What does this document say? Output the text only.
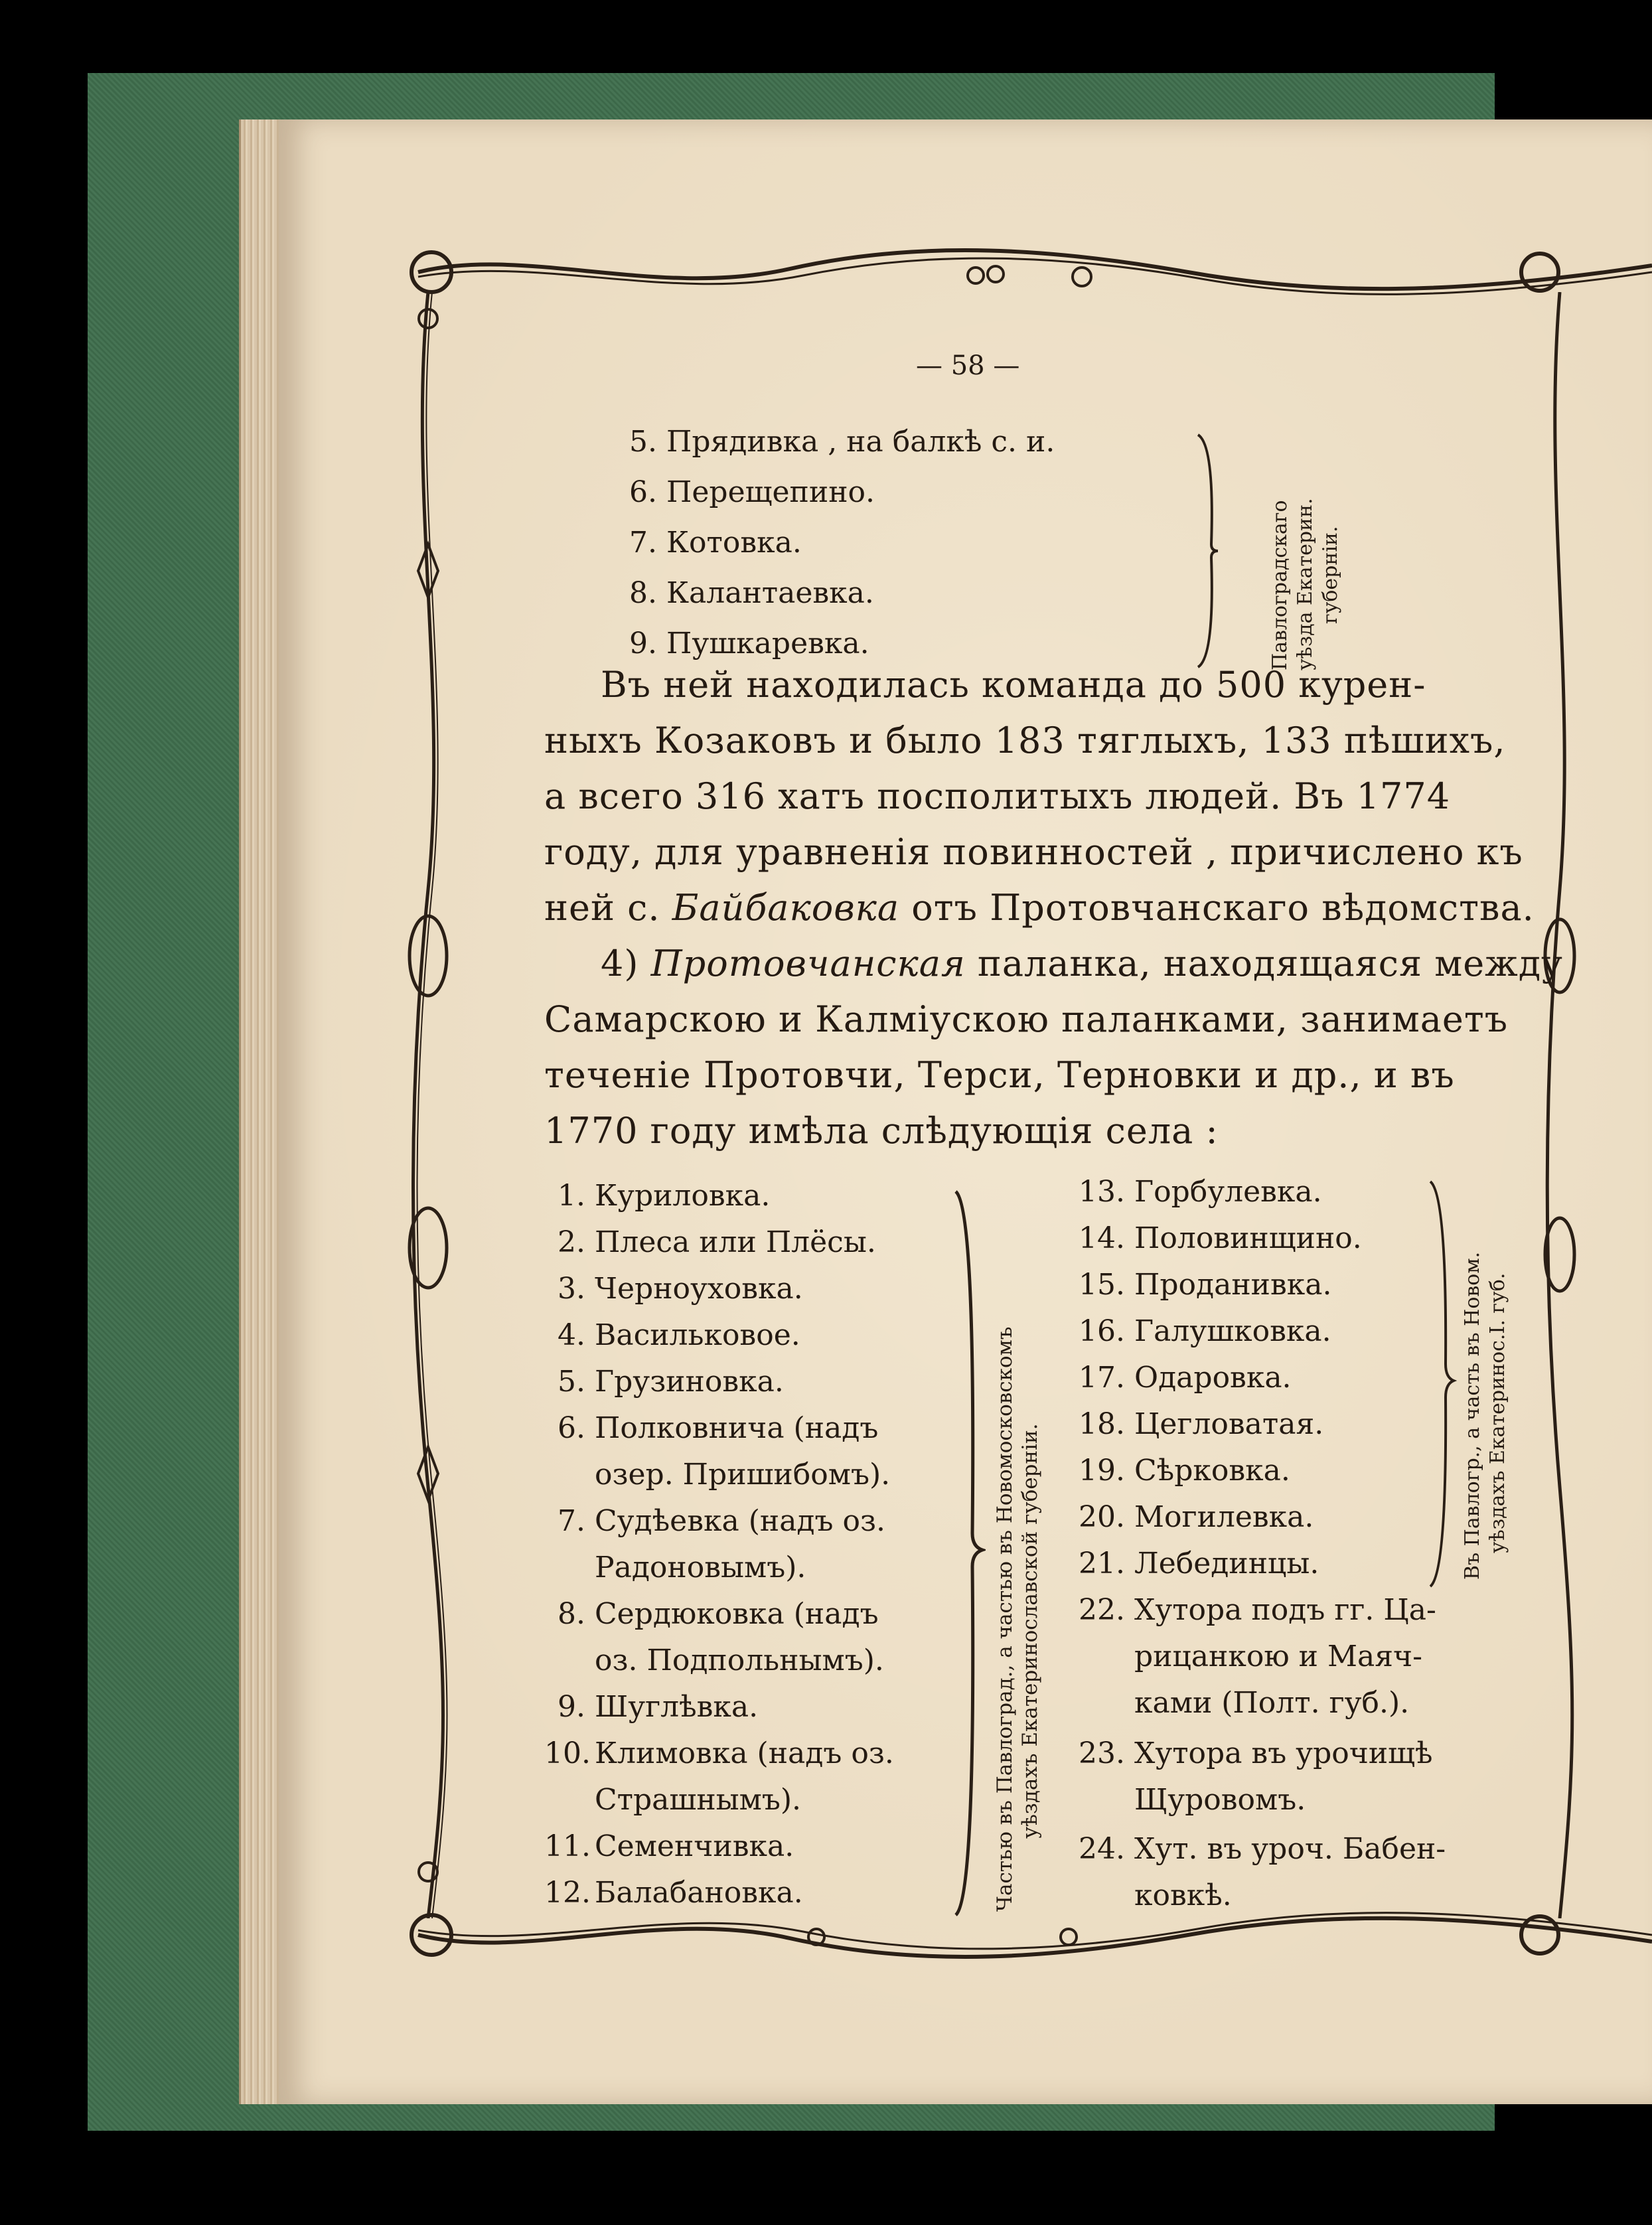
— 58 —
5. Прядивка , на балкѣ с. и.
6. Перещепино.
7. Котовка.
8. Калантаевка.
9. Пушкаревка.	Павлоградскаго уѣзда Екатерин. губерніи.
Въ ней находилась команда до 500 курен-
ныхъ Козаковъ и было 183 тяглыхъ, 133 пѣшихъ,
а всего 316 хатъ посполитыхъ людей. Въ 1774
году, для уравненія повинностей , причислено къ
ней с. Байбаковка отъ Протовчанскаго вѣдомства.
4) Протовчанская паланка, находящаяся между
Самарскою и Калміускою паланками, занимаетъ
теченіе Протовчи, Терси, Терновки и др., и въ
1770 году имѣла слѣдующія села :
1. Куриловка.
2. Плеса или Плёсы.
3. Черноуховка.
4. Васильковое.
5. Грузиновка.
6. Полковнича (надъ
озер. Пришибомъ).
7. Судѣевка (надъ оз.
Радоновымъ).
8. Сердюковка (надъ
оз. Подпольнымъ).
9. Шуглѣвка.
10. Климовка (надъ оз.
Страшнымъ).
11. Семенчивка.
12. Балабановка.	Частью въ Павлоград., а частью въ Новомосковскомъ уѣздахъ Екатеринославской губерніи.
13. Горбулевка.
14. Половинщино.
15. Проданивка.
16. Галушковка.
17. Одаровка.
18. Цегловатая.
19. Сѣрковка.
20. Могилевка.
21. Лебединцы.
22. Хутора подъ гг. Ца-
рицанкою и Маяч-
ками (Полт. губ.).
23. Хутора въ урочищѣ
Щуровомъ.
24. Хут. въ уроч. Бабен-
ковкѣ.
Въ Павлогр., а часть въ Новом. уѣздахъ Екатеринос.І. губ.
